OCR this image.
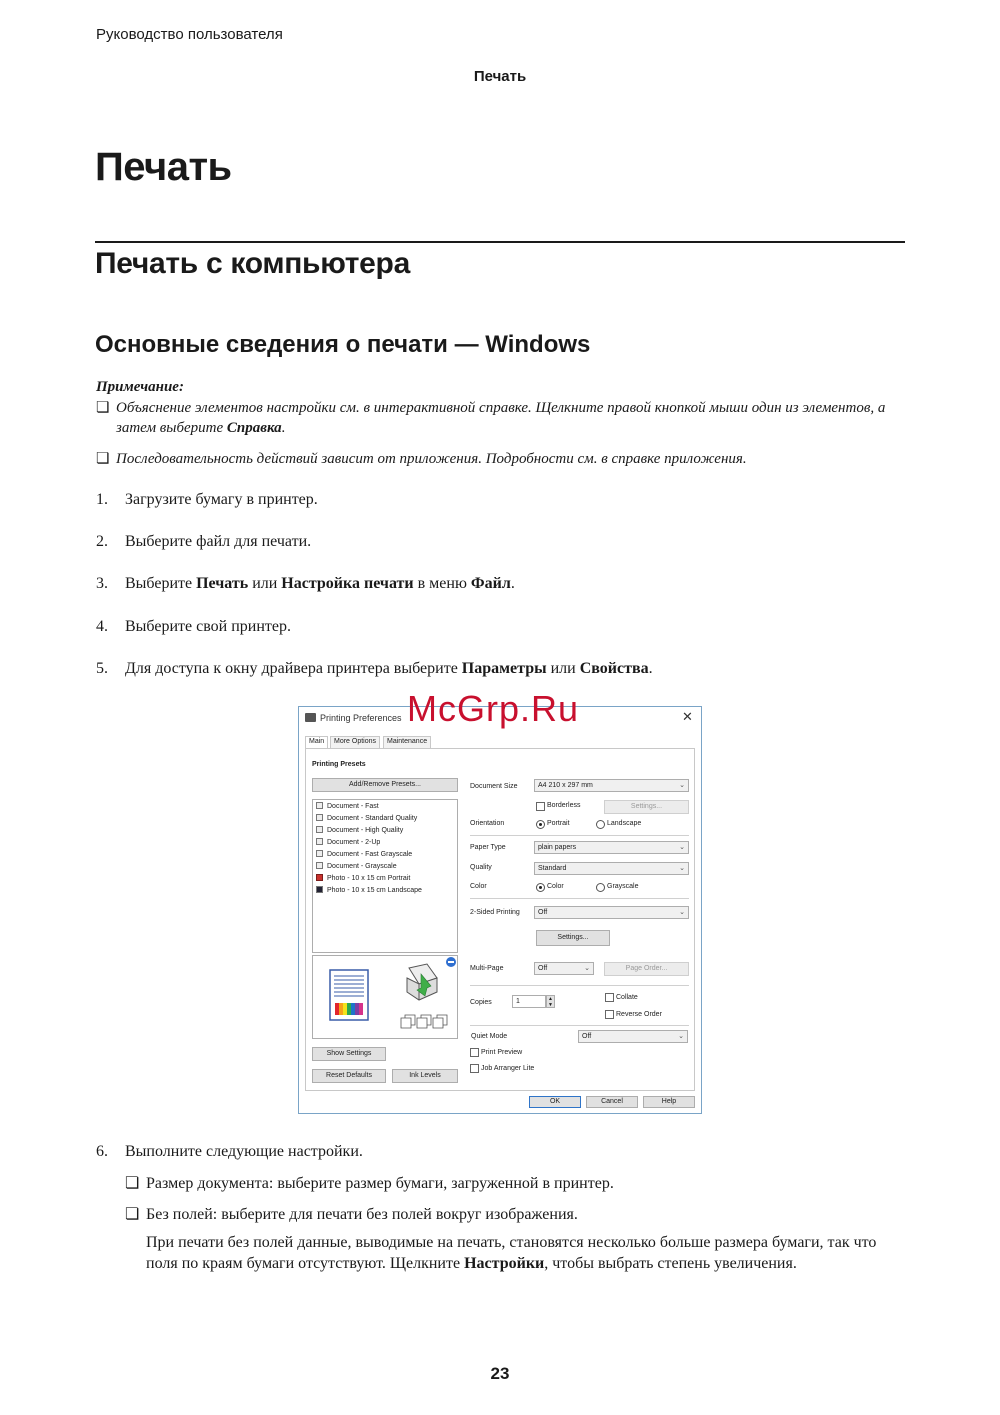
Руководство пользователя
Печать
Печать
Печать с компьютера
Основные сведения о печати — Windows
Примечание:
❏ Объяснение элементов настройки см. в интерактивной справке. Щелкните правой кнопкой мыши один из элементов, а затем выберите Справка.
❏ Последовательность действий зависит от приложения. Подробности см. в справке приложения.
1. Загрузите бумагу в принтер.
2. Выберите файл для печати.
3. Выберите Печать или Настройка печати в меню Файл.
4. Выберите свой принтер.
5. Для доступа к окну драйвера принтера выберите Параметры или Свойства.
McGrp.Ru
Printing Preferences	✕
Main	More Options	Maintenance
Printing Presets
Add/Remove Presets...
Document - Fast
Document - Standard Quality
Document - High Quality
Document - 2-Up
Document - Fast Grayscale
Document - Grayscale
Photo - 10 x 15 cm Portrait
Photo - 10 x 15 cm Landscape
Show Settings
Reset Defaults	Ink Levels
Document Size	A4 210 x 297 mm	⌄
Borderless	Settings...
Orientation	Portrait	Landscape
Paper Type	plain papers	⌄
Quality	Standard	⌄
Color	Color	Grayscale
2-Sided Printing	Off	⌄
Settings...
Multi-Page	Off	⌄	Page Order...
Copies	1	▲
▼
Collate
Reverse Order
Quiet Mode	Off	⌄
Print Preview
Job Arranger Lite
OK	Cancel	Help
6. Выполните следующие настройки.
❏ Размер документа: выберите размер бумаги, загруженной в принтер.
❏ Без полей: выберите для печати без полей вокруг изображения.
При печати без полей данные, выводимые на печать, становятся несколько больше размера бумаги, так что поля по краям бумаги отсутствуют. Щелкните Настройки, чтобы выбрать степень увеличения.
23
